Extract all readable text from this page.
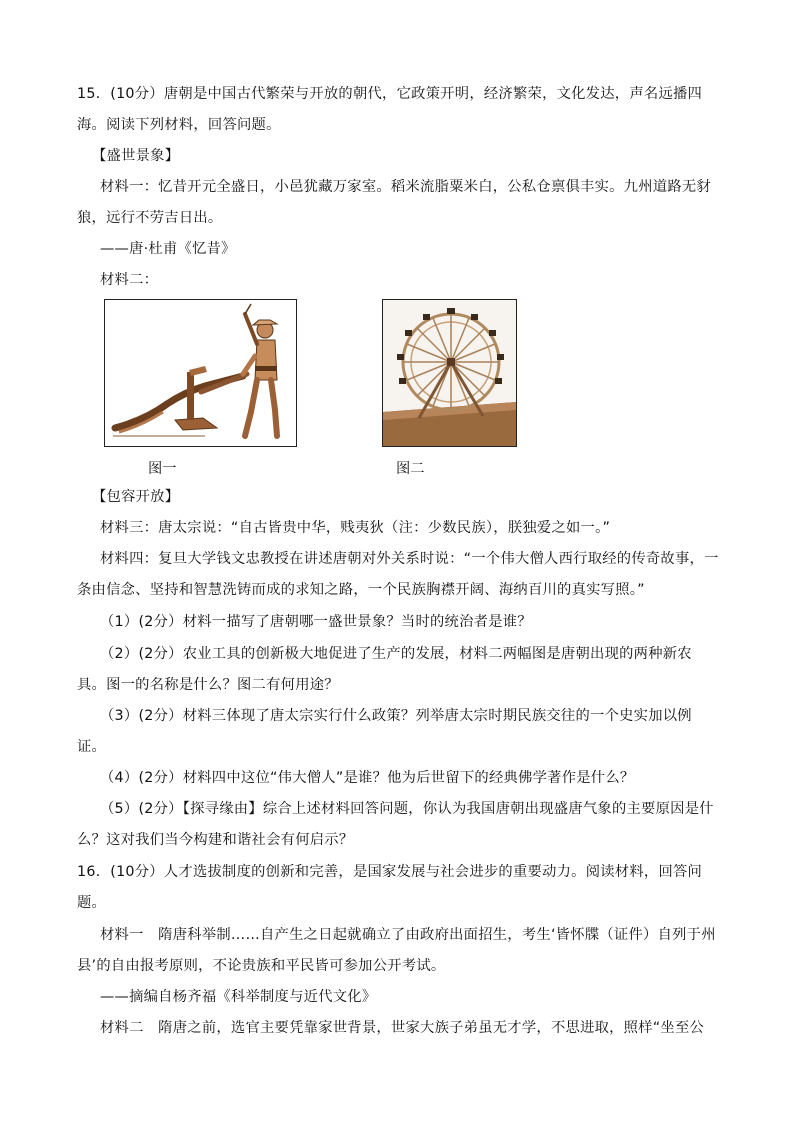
15．(10分）唐朝是中国古代繁荣与开放的朝代，它政策开明，经济繁荣，文化发达，声名远播四
海。阅读下列材料，回答问题。
【盛世景象】
材料一：忆昔开元全盛日，小邑犹藏万家室。稻米流脂粟米白，公私仓禀俱丰实。九州道路无豺
狼，远行不劳吉日出。
——唐·杜甫《忆昔》
材料二：
图一	图二
【包容开放】
材料三：唐太宗说：“自古皆贵中华，贱夷狄（注：少数民族），朕独爱之如一。”
材料四：复旦大学钱文忠教授在讲述唐朝对外关系时说：“一个伟大僧人西行取经的传奇故事，一
条由信念、坚持和智慧洗铸而成的求知之路，一个民族胸襟开阔、海纳百川的真实写照。”
（1）(2分）材料一描写了唐朝哪一盛世景象？当时的统治者是谁？
（2）(2分）农业工具的创新极大地促进了生产的发展，材料二两幅图是唐朝出现的两种新农
具。图一的名称是什么？图二有何用途？
（3）(2分）材料三体现了唐太宗实行什么政策？列举唐太宗时期民族交往的一个史实加以例
证。
（4）(2分）材料四中这位“伟大僧人”是谁？他为后世留下的经典佛学著作是什么？
（5）(2分）【探寻缘由】综合上述材料回答问题，你认为我国唐朝出现盛唐气象的主要原因是什
么？这对我们当今构建和谐社会有何启示？
16．(10分）人才选拔制度的创新和完善，是国家发展与社会进步的重要动力。阅读材料，回答问
题。
材料一　隋唐科举制……自产生之日起就确立了由政府出面招生，考生‘皆怀牒（证件）自列于州
县’的自由报考原则，不论贵族和平民皆可参加公开考试。
——摘编自杨齐福《科举制度与近代文化》
材料二　隋唐之前，选官主要凭靠家世背景，世家大族子弟虽无才学，不思进取，照样“坐至公
